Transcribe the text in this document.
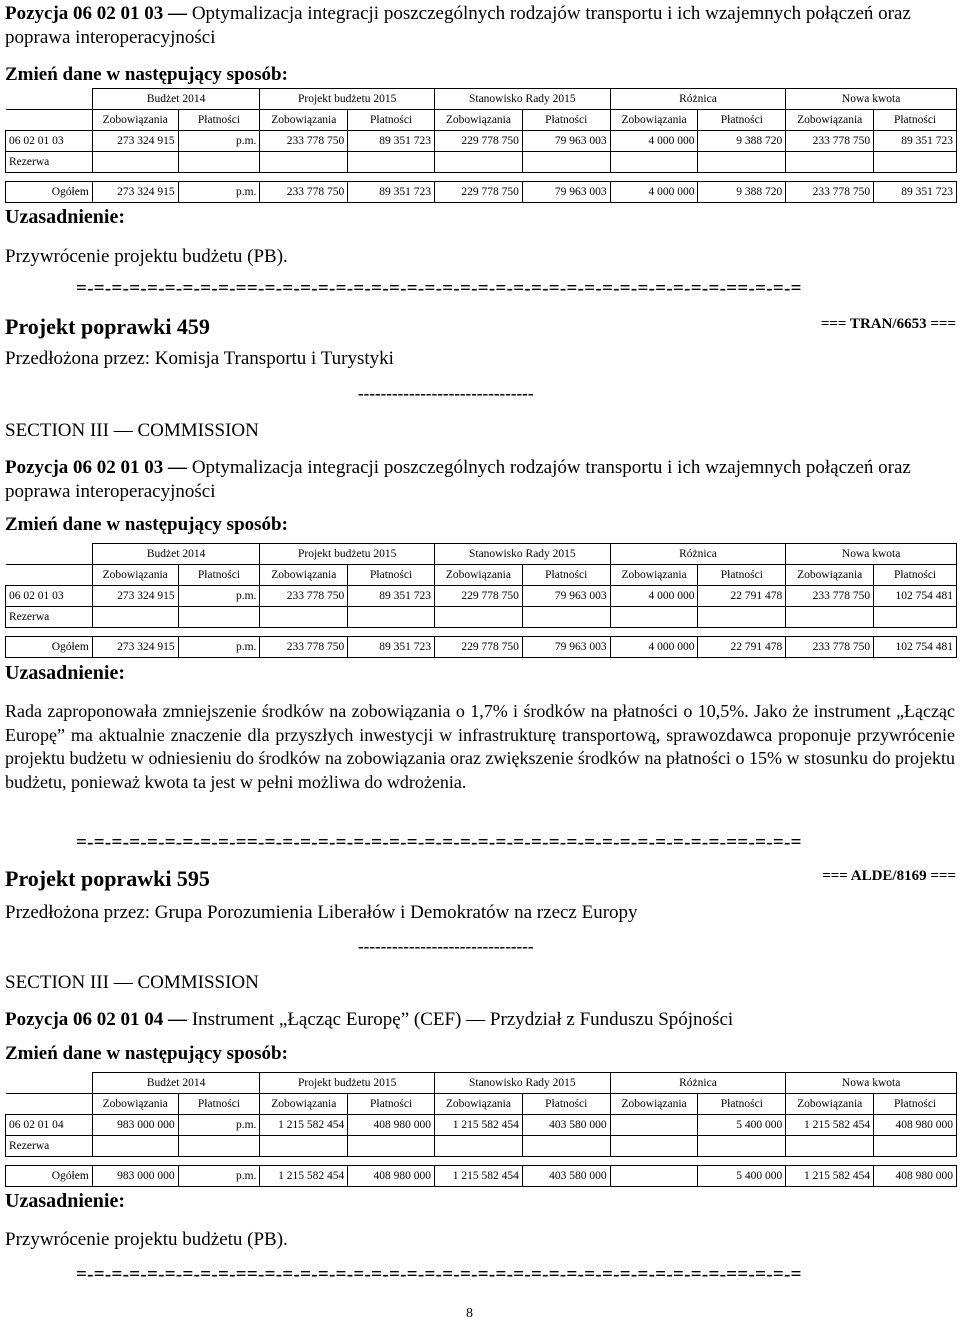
Pozycja 06 02 01 03 — Optymalizacja integracji poszczególnych rodzajów transportu i ich wzajemnych połączeń oraz poprawa interoperacyjności
Zmień dane w następujący sposób:
	Budżet 2014		Projekt budżetu 2015		Stanowisko Rady 2015		Różnica		Nowa kwota	
	Zobowiązania	Płatności	Zobowiązania	Płatności	Zobowiązania	Płatności	Zobowiązania	Płatności	Zobowiązania	Płatności
06 02 01 03	273 324 915	p.m.	233 778 750	89 351 723	229 778 750	79 963 003	4 000 000	9 388 720	233 778 750	89 351 723
Rezerwa										

Ogółem	273 324 915	p.m.	233 778 750	89 351 723	229 778 750	79 963 003	4 000 000	9 388 720	233 778 750	89 351 723
Uzasadnienie:
Przywrócenie projektu budżetu (PB).
=-=-=-=-=-=-=-=-=-==-=-=-=-=-=-=-=-=-=-=-=-=-=-=-=-=-=-=-=-=-=-=-=-=-=-=-==-=-=-=
Projekt poprawki 459	=== TRAN/6653 ===
Przedłożona przez: Komisja Transportu i Turystyki
-------------------------------
SECTION III — COMMISSION
Pozycja 06 02 01 03 — Optymalizacja integracji poszczególnych rodzajów transportu i ich wzajemnych połączeń oraz poprawa interoperacyjności
Zmień dane w następujący sposób:
	Budżet 2014		Projekt budżetu 2015		Stanowisko Rady 2015		Różnica		Nowa kwota	
	Zobowiązania	Płatności	Zobowiązania	Płatności	Zobowiązania	Płatności	Zobowiązania	Płatności	Zobowiązania	Płatności
06 02 01 03	273 324 915	p.m.	233 778 750	89 351 723	229 778 750	79 963 003	4 000 000	22 791 478	233 778 750	102 754 481
Rezerwa										

Ogółem	273 324 915	p.m.	233 778 750	89 351 723	229 778 750	79 963 003	4 000 000	22 791 478	233 778 750	102 754 481
Uzasadnienie:
Rada zaproponowała zmniejszenie środków na zobowiązania o 1,7% i środków na płatności o 10,5%. Jako że instrument „Łącząc Europę” ma aktualnie znaczenie dla przyszłych inwestycji w infrastrukturę transportową, sprawozdawca proponuje przywrócenie projektu budżetu w odniesieniu do środków na zobowiązania oraz zwiększenie środków na płatności o 15% w stosunku do projektu budżetu, ponieważ kwota ta jest w pełni możliwa do wdrożenia.
=-=-=-=-=-=-=-=-=-==-=-=-=-=-=-=-=-=-=-=-=-=-=-=-=-=-=-=-=-=-=-=-=-=-=-=-==-=-=-=
Projekt poprawki 595	=== ALDE/8169 ===
Przedłożona przez: Grupa Porozumienia Liberałów i Demokratów na rzecz Europy
-------------------------------
SECTION III — COMMISSION
Pozycja 06 02 01 04 — Instrument „Łącząc Europę” (CEF) — Przydział z Funduszu Spójności
Zmień dane w następujący sposób:
	Budżet 2014		Projekt budżetu 2015		Stanowisko Rady 2015		Różnica		Nowa kwota	
	Zobowiązania	Płatności	Zobowiązania	Płatności	Zobowiązania	Płatności	Zobowiązania	Płatności	Zobowiązania	Płatności
06 02 01 04	983 000 000	p.m.	1 215 582 454	408 980 000	1 215 582 454	403 580 000		5 400 000	1 215 582 454	408 980 000
Rezerwa										

Ogółem	983 000 000	p.m.	1 215 582 454	408 980 000	1 215 582 454	403 580 000		5 400 000	1 215 582 454	408 980 000
Uzasadnienie:
Przywrócenie projektu budżetu (PB).
=-=-=-=-=-=-=-=-=-==-=-=-=-=-=-=-=-=-=-=-=-=-=-=-=-=-=-=-=-=-=-=-=-=-=-=-==-=-=-=
8
